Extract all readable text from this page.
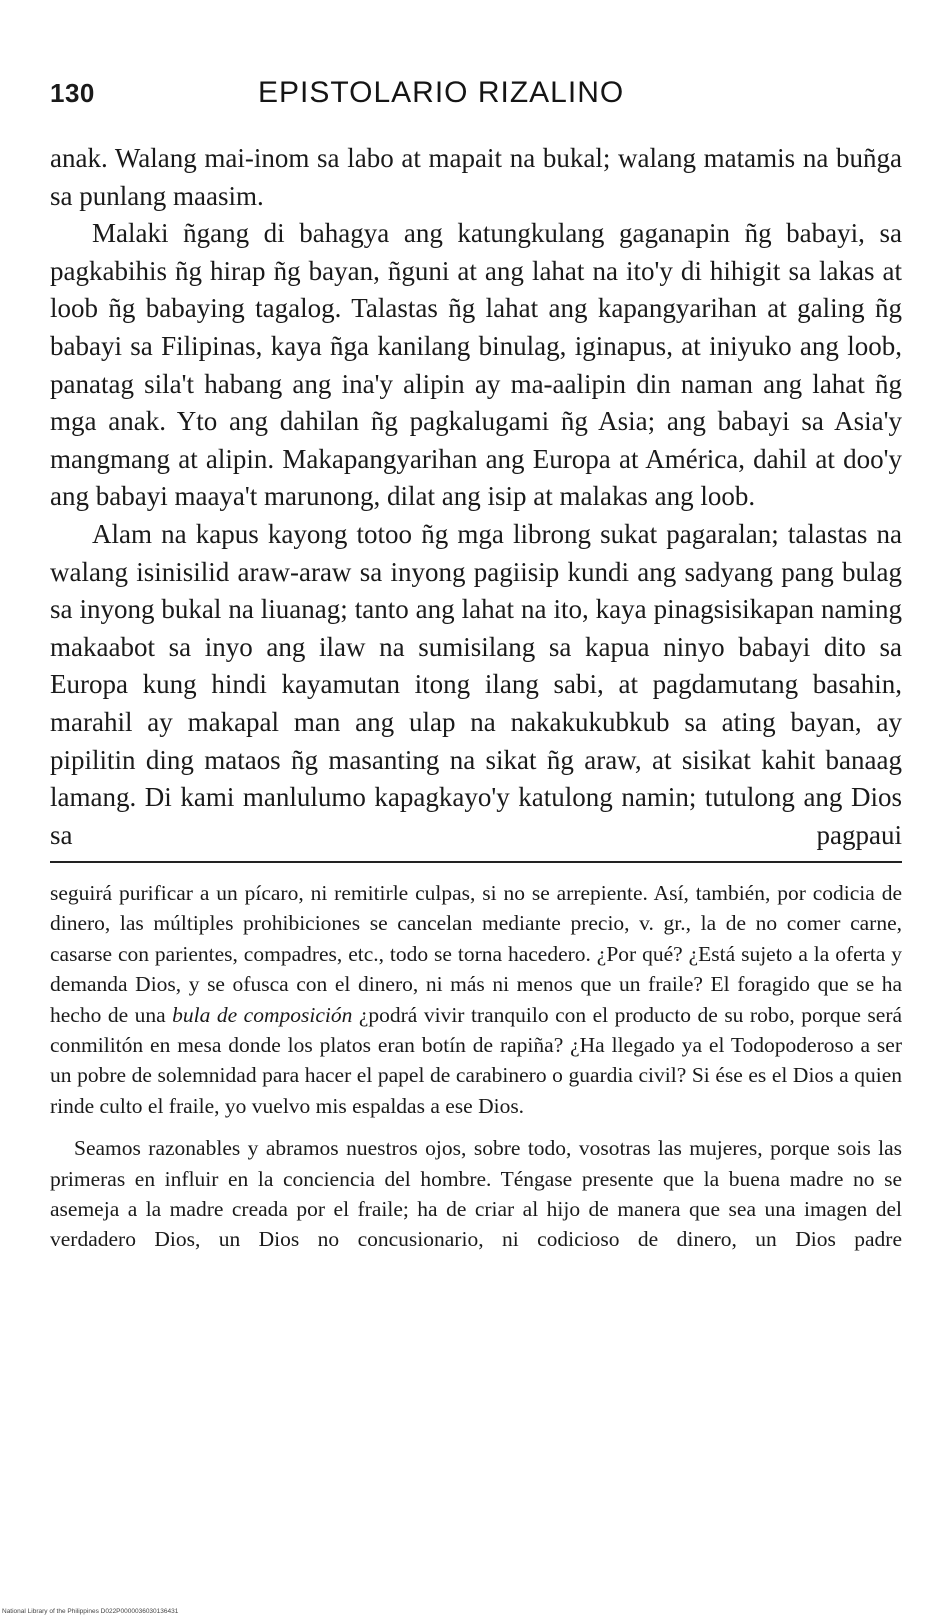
130	EPISTOLARIO RIZALINO

anak. Walang mai-inom sa labo at mapait na bukal; walang matamis na buñga sa punlang maasim.

Malaki ñgang di bahagya ang katungkulang gaganapin ñg babayi, sa pagkabihis ñg hirap ñg bayan, ñguni at ang lahat na ito'y di hihigit sa lakas at loob ñg babaying tagalog. Talastas ñg lahat ang kapangyarihan at galing ñg babayi sa Filipinas, kaya ñga kanilang binulag, iginapus, at iniyuko ang loob, panatag sila't habang ang ina'y alipin ay ma-aalipin din naman ang lahat ñg mga anak. Yto ang dahilan ñg pagkalugami ñg Asia; ang babayi sa Asia'y mangmang at alipin. Makapangyarihan ang Europa at América, dahil at doo'y ang babayi maaya't marunong, dilat ang isip at malakas ang loob.

Alam na kapus kayong totoo ñg mga librong sukat pagaralan; talastas na walang isinisilid araw-araw sa inyong pagiisip kundi ang sadyang pang bulag sa inyong bukal na liuanag; tanto ang lahat na ito, kaya pinagsisikapan naming makaabot sa inyo ang ilaw na sumisilang sa kapua ninyo babayi dito sa Europa kung hindi kayamutan itong ilang sabi, at pagdamutang basahin, marahil ay makapal man ang ulap na nakakukubkub sa ating bayan, ay pipilitin ding mataos ñg masanting na sikat ñg araw, at sisikat kahit banaag lamang. Di kami manlulumo kapagkayo'y katulong namin; tutulong ang Dios sa pagpaui

seguirá purificar a un pícaro, ni remitirle culpas, si no se arrepiente. Así, también, por codicia de dinero, las múltiples prohibiciones se cancelan mediante precio, v. gr., la de no comer carne, casarse con parientes, compadres, etc., todo se torna hacedero. ¿Por qué? ¿Está sujeto a la oferta y demanda Dios, y se ofusca con el dinero, ni más ni menos que un fraile? El foragido que se ha hecho de una bula de composición ¿podrá vivir tranquilo con el producto de su robo, porque será conmilitón en mesa donde los platos eran botín de rapiña? ¿Ha llegado ya el Todopoderoso a ser un pobre de solemnidad para hacer el papel de carabinero o guardia civil? Si ése es el Dios a quien rinde culto el fraile, yo vuelvo mis espaldas a ese Dios.

Seamos razonables y abramos nuestros ojos, sobre todo, vosotras las mujeres, porque sois las primeras en influir en la conciencia del hombre. Téngase presente que la buena madre no se asemeja a la madre creada por el fraile; ha de criar al hijo de manera que sea una imagen del verdadero Dios, un Dios no concusionario, ni codicioso de dinero, un Dios padre

National Library of the Philippines D022P0000036030136431
